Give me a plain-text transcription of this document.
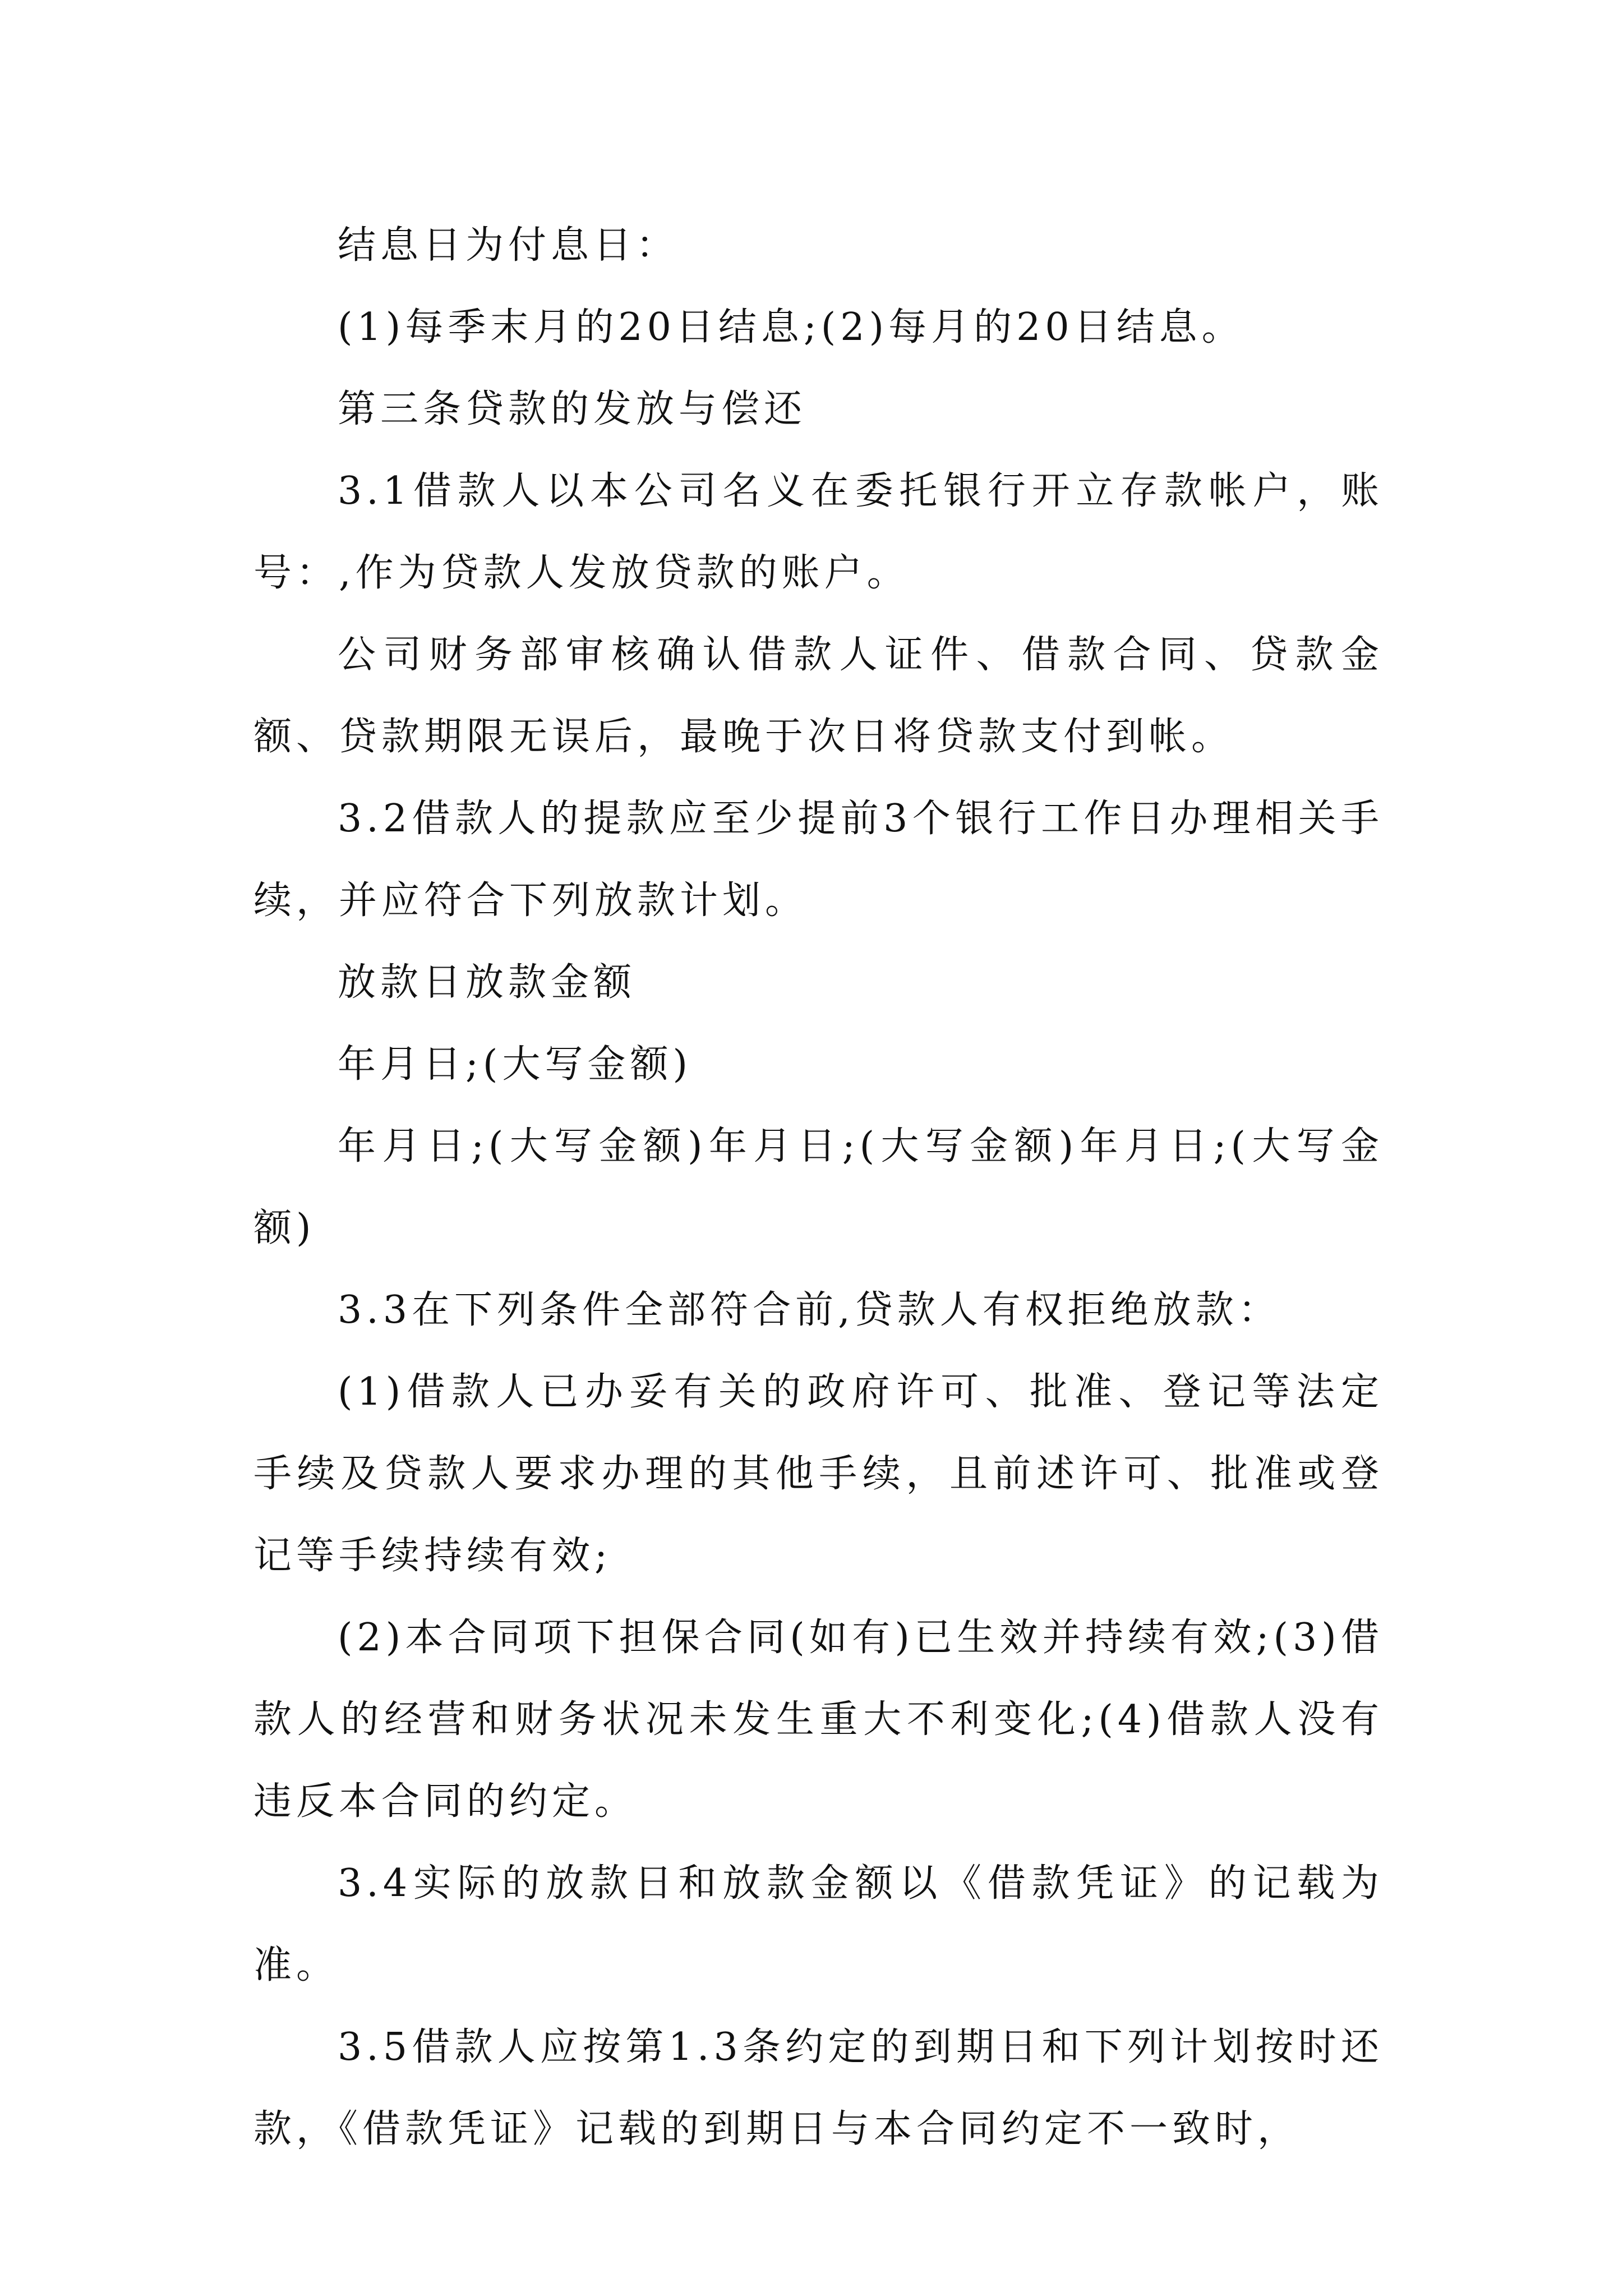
结息日为付息日：

(1)每季末月的20日结息;(2)每月的20日结息。

第三条贷款的发放与偿还

3.1借款人以本公司名义在委托银行开立存款帐户，账号：,作为贷款人发放贷款的账户。

公司财务部审核确认借款人证件、借款合同、贷款金额、贷款期限无误后，最晚于次日将贷款支付到帐。

3.2借款人的提款应至少提前3个银行工作日办理相关手续，并应符合下列放款计划。

放款日放款金额

年月日;(大写金额)

年月日;(大写金额)年月日;(大写金额)年月日;(大写金额)

3.3在下列条件全部符合前,贷款人有权拒绝放款：

(1)借款人已办妥有关的政府许可、批准、登记等法定手续及贷款人要求办理的其他手续，且前述许可、批准或登记等手续持续有效;

(2)本合同项下担保合同(如有)已生效并持续有效;(3)借款人的经营和财务状况未发生重大不利变化;(4)借款人没有违反本合同的约定。

3.4实际的放款日和放款金额以《借款凭证》的记载为准。

3.5借款人应按第1.3条约定的到期日和下列计划按时还款，《借款凭证》记载的到期日与本合同约定不一致时，
